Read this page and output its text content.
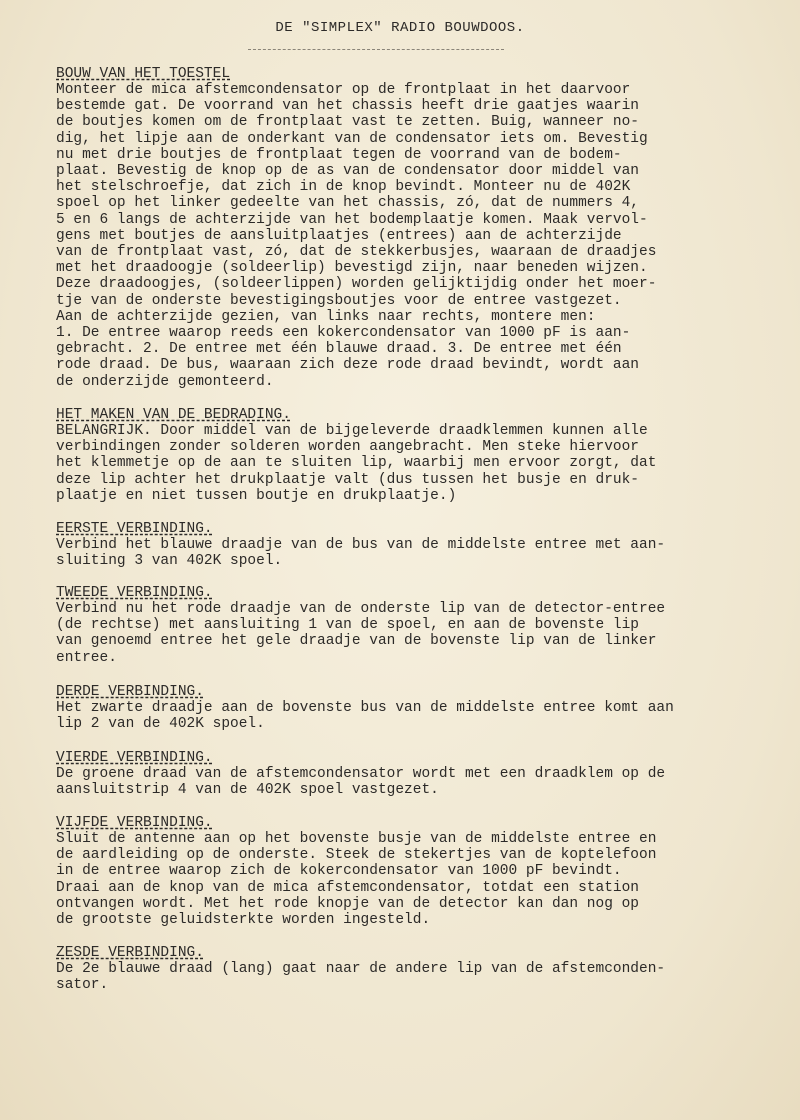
DE "SIMPLEX" RADIO BOUWDOOS.
BOUW VAN HET TOESTEL
Monteer de mica afstemcondensator op de frontplaat in het daarvoor
bestemde gat. De voorrand van het chassis heeft drie gaatjes waarin
de boutjes komen om de frontplaat vast te zetten. Buig, wanneer no-
dig, het lipje aan de onderkant van de condensator iets om. Bevestig
nu met drie boutjes de frontplaat tegen de voorrand van de bodem-
plaat. Bevestig de knop op de as van de condensator door middel van
het stelschroefje, dat zich in de knop bevindt. Monteer nu de 402K
spoel op het linker gedeelte van het chassis, zó, dat de nummers 4,
5 en 6 langs de achterzijde van het bodemplaatje komen. Maak vervol-
gens met boutjes de aansluitplaatjes (entrees) aan de achterzijde
van de frontplaat vast, zó, dat de stekkerbusjes, waaraan de draadjes
met het draadoogje (soldeerlip) bevestigd zijn, naar beneden wijzen.
Deze draadoogjes, (soldeerlippen) worden gelijktijdig onder het moer-
tje van de onderste bevestigingsboutjes voor de entree vastgezet.
Aan de achterzijde gezien, van links naar rechts, montere men:
1. De entree waarop reeds een kokercondensator van 1000 pF is aan-
gebracht. 2. De entree met één blauwe draad. 3. De entree met één
rode draad. De bus, waaraan zich deze rode draad bevindt, wordt aan
de onderzijde gemonteerd.
HET MAKEN VAN DE BEDRADING.
BELANGRIJK. Door middel van de bijgeleverde draadklemmen kunnen alle
verbindingen zonder solderen worden aangebracht. Men steke hiervoor
het klemmetje op de aan te sluiten lip, waarbij men ervoor zorgt, dat
deze lip achter het drukplaatje valt (dus tussen het busje en druk-
plaatje en niet tussen boutje en drukplaatje.)
EERSTE VERBINDING.
Verbind het blauwe draadje van de bus van de middelste entree met aan-
sluiting 3 van 402K spoel.
TWEEDE VERBINDING.
Verbind nu het rode draadje van de onderste lip van de detector-entree
(de rechtse) met aansluiting 1 van de spoel, en aan de bovenste lip
van genoemd entree het gele draadje van de bovenste lip van de linker
entree.
DERDE VERBINDING.
Het zwarte draadje aan de bovenste bus van de middelste entree komt aan
lip 2 van de 402K spoel.
VIERDE VERBINDING.
De groene draad van de afstemcondensator wordt met een draadklem op de
aansluitstrip 4 van de 402K spoel vastgezet.
VIJFDE VERBINDING.
Sluit de antenne aan op het bovenste busje van de middelste entree en
de aardleiding op de onderste. Steek de stekertjes van de koptelefoon
in de entree waarop zich de kokercondensator van 1000 pF bevindt.
Draai aan de knop van de mica afstemcondensator, totdat een station
ontvangen wordt. Met het rode knopje van de detector kan dan nog op
de grootste geluidsterkte worden ingesteld.
ZESDE VERBINDING.
De 2e blauwe draad (lang) gaat naar de andere lip van de afstemconden-
sator.
